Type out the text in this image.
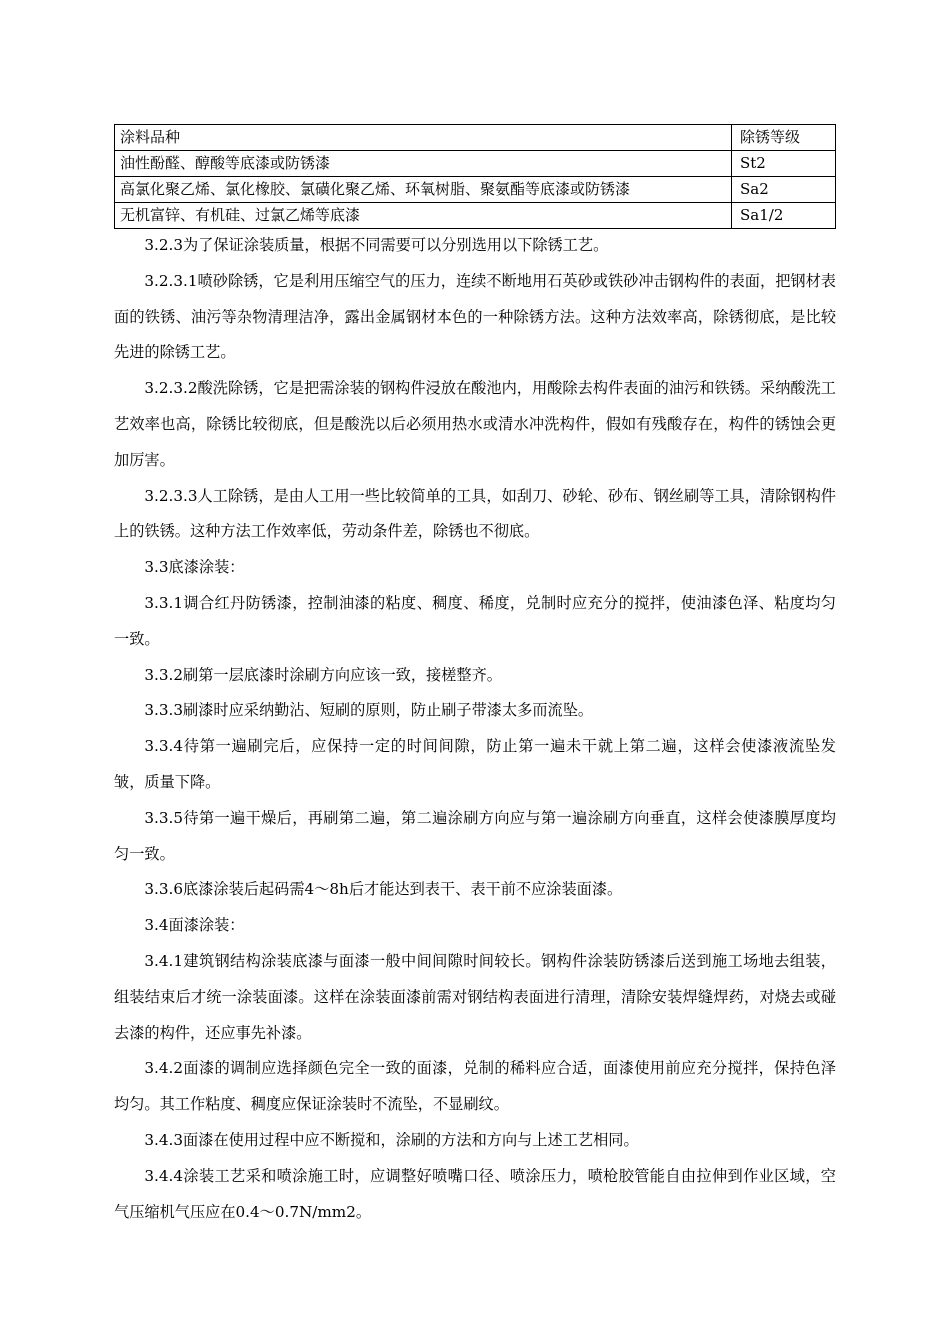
涂料品种	除锈等级
油性酚醛、醇酸等底漆或防锈漆	St2
高氯化聚乙烯、氯化橡胶、氯磺化聚乙烯、环氧树脂、聚氨酯等底漆或防锈漆	Sa2
无机富锌、有机硅、过氯乙烯等底漆	Sa1/2

3.2.3为了保证涂装质量，根据不同需要可以分别选用以下除锈工艺。

3.2.3.1喷砂除锈，它是利用压缩空气的压力，连续不断地用石英砂或铁砂冲击钢构件的表面，把钢材表面的铁锈、油污等杂物清理洁净，露出金属钢材本色的一种除锈方法。这种方法效率高，除锈彻底，是比较先进的除锈工艺。

3.2.3.2酸洗除锈，它是把需涂装的钢构件浸放在酸池内，用酸除去构件表面的油污和铁锈。采纳酸洗工艺效率也高，除锈比较彻底，但是酸洗以后必须用热水或清水冲洗构件，假如有残酸存在，构件的锈蚀会更加厉害。

3.2.3.3人工除锈，是由人工用一些比较简单的工具，如刮刀、砂轮、砂布、钢丝刷等工具，清除钢构件上的铁锈。这种方法工作效率低，劳动条件差，除锈也不彻底。

3.3底漆涂装：

3.3.1调合红丹防锈漆，控制油漆的粘度、稠度、稀度，兑制时应充分的搅拌，使油漆色泽、粘度均匀一致。

3.3.2刷第一层底漆时涂刷方向应该一致，接槎整齐。

3.3.3刷漆时应采纳勤沾、短刷的原则，防止刷子带漆太多而流坠。

3.3.4待第一遍刷完后，应保持一定的时间间隙，防止第一遍未干就上第二遍，这样会使漆液流坠发皱，质量下降。

3.3.5待第一遍干燥后，再刷第二遍，第二遍涂刷方向应与第一遍涂刷方向垂直，这样会使漆膜厚度均匀一致。

3.3.6底漆涂装后起码需4～8h后才能达到表干、表干前不应涂装面漆。

3.4面漆涂装：

3.4.1建筑钢结构涂装底漆与面漆一般中间间隙时间较长。钢构件涂装防锈漆后送到施工场地去组装，组装结束后才统一涂装面漆。这样在涂装面漆前需对钢结构表面进行清理，清除安装焊缝焊药，对烧去或碰去漆的构件，还应事先补漆。

3.4.2面漆的调制应选择颜色完全一致的面漆，兑制的稀料应合适，面漆使用前应充分搅拌，保持色泽均匀。其工作粘度、稠度应保证涂装时不流坠，不显刷纹。

3.4.3面漆在使用过程中应不断搅和，涂刷的方法和方向与上述工艺相同。

3.4.4涂装工艺采和喷涂施工时，应调整好喷嘴口径、喷涂压力，喷枪胶管能自由拉伸到作业区域，空气压缩机气压应在0.4～0.7N/mm2。
